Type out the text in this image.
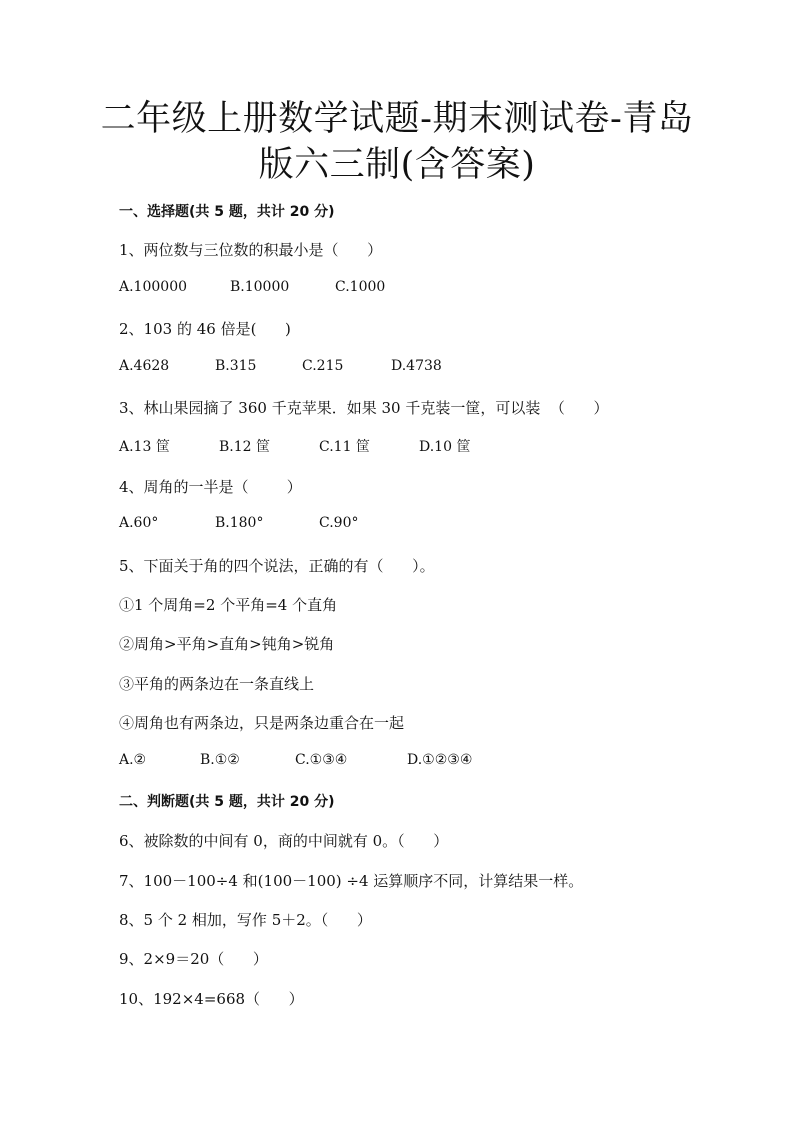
二年级上册数学试题-期末测试卷-青岛
版六三制(含答案)
一、选择题(共 5 题，共计 20 分)
1、两位数与三位数的积最小是（      ）
A.100000	B.10000	C.1000
2、103 的 46 倍是(      )
A.4628	B.315	C.215	D.4738
3、林山果园摘了 360 千克苹果．如果 30 千克装一筐，可以装  （      ）
A.13 筐	B.12 筐	C.11 筐	D.10 筐
4、周角的一半是（        ）
A.60°	B.180°	C.90°
5、下面关于角的四个说法，正确的有（      ）。
①1 个周角=2 个平角=4 个直角
②周角>平角>直角>钝角>锐角
③平角的两条边在一条直线上
④周角也有两条边，只是两条边重合在一起
A.②	B.①②	C.①③④	D.①②③④
二、判断题(共 5 题，共计 20 分)
6、被除数的中间有 0，商的中间就有 0。（      ）
7、100－100÷4 和(100－100) ÷4 运算顺序不同，计算结果一样。
8、5 个 2 相加，写作 5＋2。（      ）
9、2×9＝20（      ）
10、192×4=668（      ）
